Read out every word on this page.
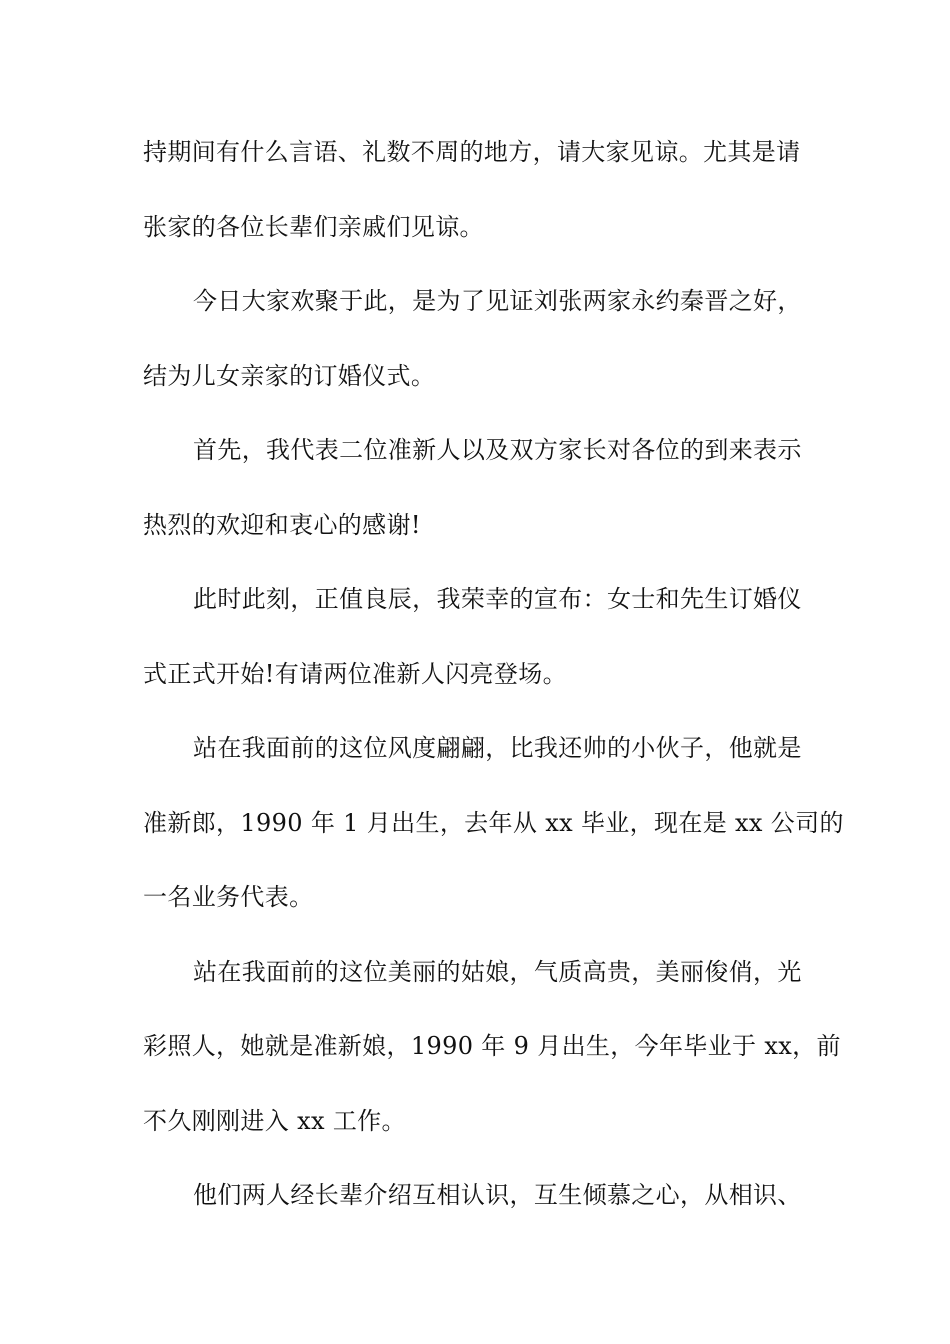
持期间有什么言语、礼数不周的地方，请大家见谅。尤其是请
张家的各位长辈们亲戚们见谅。
今日大家欢聚于此，是为了见证刘张两家永约秦晋之好，
结为儿女亲家的订婚仪式。
首先，我代表二位准新人以及双方家长对各位的到来表示
热烈的欢迎和衷心的感谢!
此时此刻，正值良辰，我荣幸的宣布：女士和先生订婚仪
式正式开始!有请两位准新人闪亮登场。
站在我面前的这位风度翩翩，比我还帅的小伙子，他就是
准新郎，1990 年 1 月出生，去年从 xx 毕业，现在是 xx 公司的
一名业务代表。
站在我面前的这位美丽的姑娘，气质高贵，美丽俊俏，光
彩照人，她就是准新娘，1990 年 9 月出生，今年毕业于 xx，前
不久刚刚进入 xx 工作。
他们两人经长辈介绍互相认识，互生倾慕之心，从相识、
